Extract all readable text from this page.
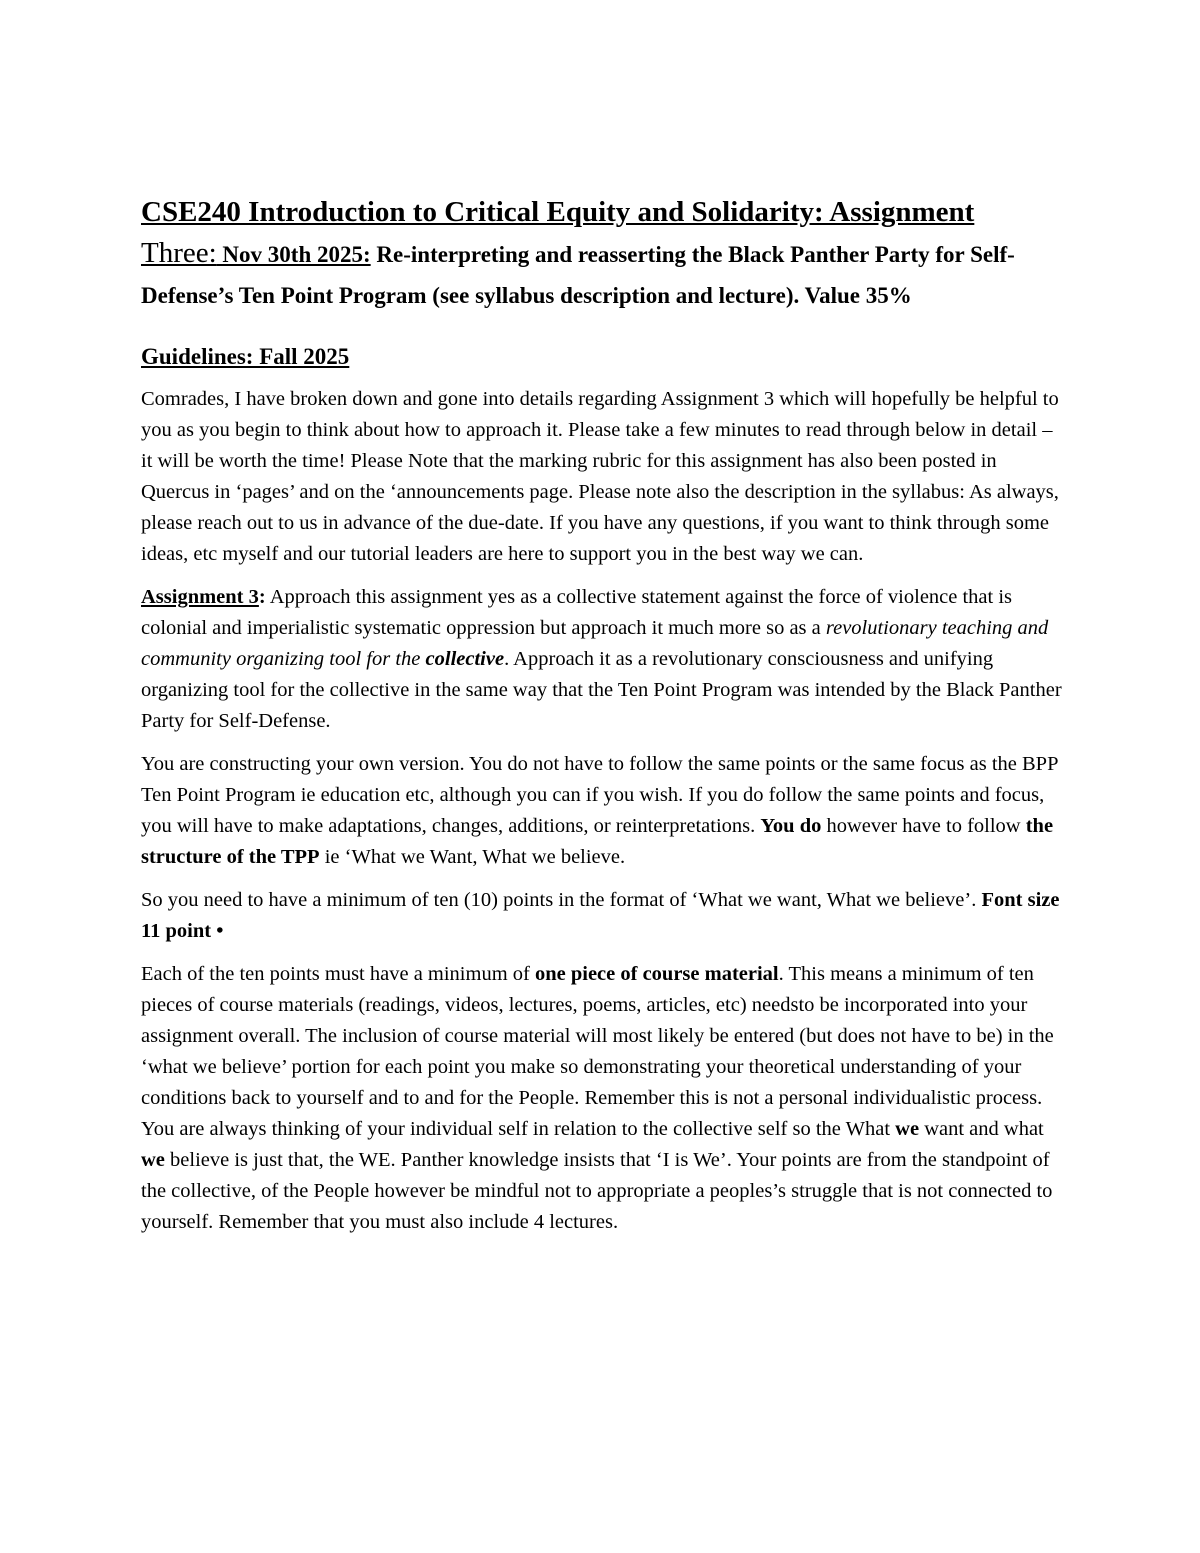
CSE240 Introduction to Critical Equity and Solidarity: Assignment
Three: Nov 30th 2025: Re-interpreting and reasserting the Black Panther Party for Self-Defense’s Ten Point Program (see syllabus description and lecture). Value 35%
Guidelines: Fall 2025

Comrades, I have broken down and gone into details regarding Assignment 3 which will hopefully be helpful to you as you begin to think about how to approach it. Please take a few minutes to read through below in detail – it will be worth the time! Please Note that the marking rubric for this assignment has also been posted in Quercus in ‘pages’ and on the ‘announcements page. Please note also the description in the syllabus: As always, please reach out to us in advance of the due-date. If you have any questions, if you want to think through some ideas, etc myself and our tutorial leaders are here to support you in the best way we can.

Assignment 3: Approach this assignment yes as a collective statement against the force of violence that is colonial and imperialistic systematic oppression but approach it much more so as a revolutionary teaching and community organizing tool for the collective. Approach it as a revolutionary consciousness and unifying organizing tool for the collective in the same way that the Ten Point Program was intended by the Black Panther Party for Self-Defense.

You are constructing your own version. You do not have to follow the same points or the same focus as the BPP Ten Point Program ie education etc, although you can if you wish. If you do follow the same points and focus, you will have to make adaptations, changes, additions, or reinterpretations. You do however have to follow the structure of the TPP ie ‘What we Want, What we believe.

So you need to have a minimum of ten (10) points in the format of ‘What we want, What we believe’. Font size 11 point •

Each of the ten points must have a minimum of one piece of course material. This means a minimum of ten pieces of course materials (readings, videos, lectures, poems, articles, etc) needsto be incorporated into your assignment overall. The inclusion of course material will most likely be entered (but does not have to be) in the ‘what we believe’ portion for each point you make so demonstrating your theoretical understanding of your conditions back to yourself and to and for the People. Remember this is not a personal individualistic process. You are always thinking of your individual self in relation to the collective self so the What we want and what we believe is just that, the WE. Panther knowledge insists that ‘I is We’. Your points are from the standpoint of the collective, of the People however be mindful not to appropriate a peoples’s struggle that is not connected to yourself. Remember that you must also include 4 lectures.
